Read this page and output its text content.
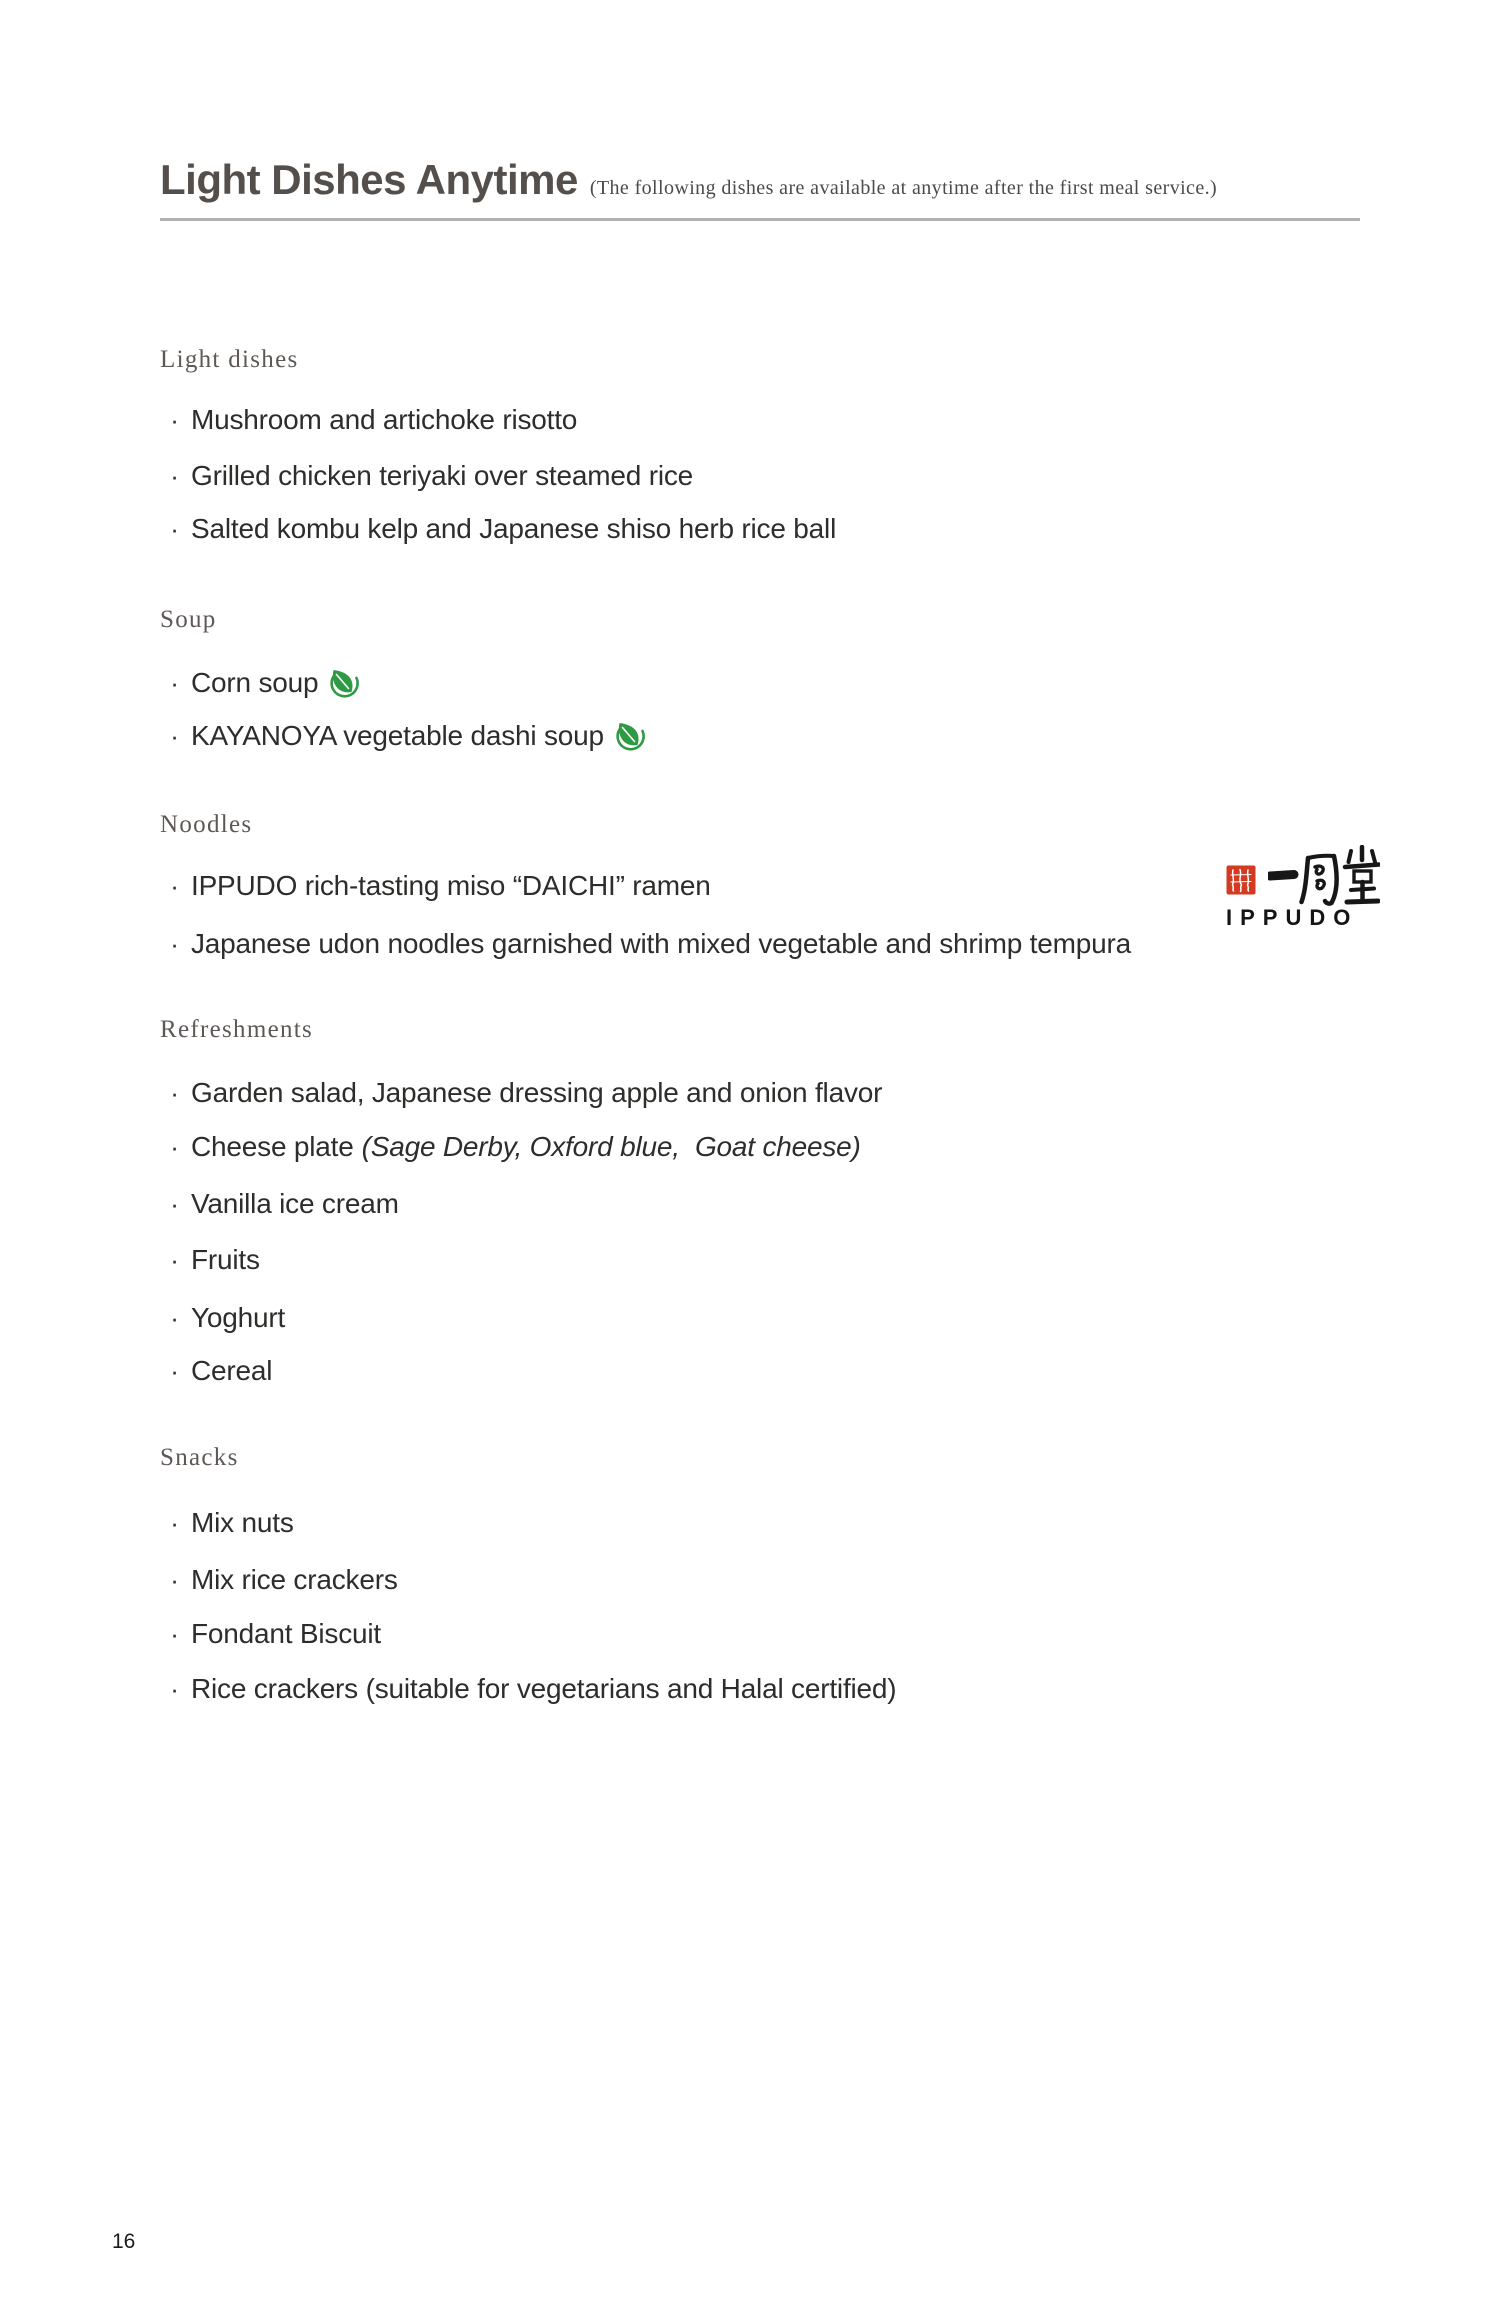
Light Dishes Anytime (The following dishes are available at anytime after the first meal service.)
Light dishes
· Mushroom and artichoke risotto
· Grilled chicken teriyaki over steamed rice
· Salted kombu kelp and Japanese shiso herb rice ball
Soup
· Corn soup
· KAYANOYA vegetable dashi soup
Noodles
· IPPUDO rich-tasting miso “DAICHI” ramen
· Japanese udon noodles garnished with mixed vegetable and shrimp tempura
IPPUDO
Refreshments
· Garden salad, Japanese dressing apple and onion flavor
· Cheese plate (Sage Derby, Oxford blue,  Goat cheese)
· Vanilla ice cream
· Fruits
· Yoghurt
· Cereal
Snacks
· Mix nuts
· Mix rice crackers
· Fondant Biscuit
· Rice crackers (suitable for vegetarians and Halal certified)
16
